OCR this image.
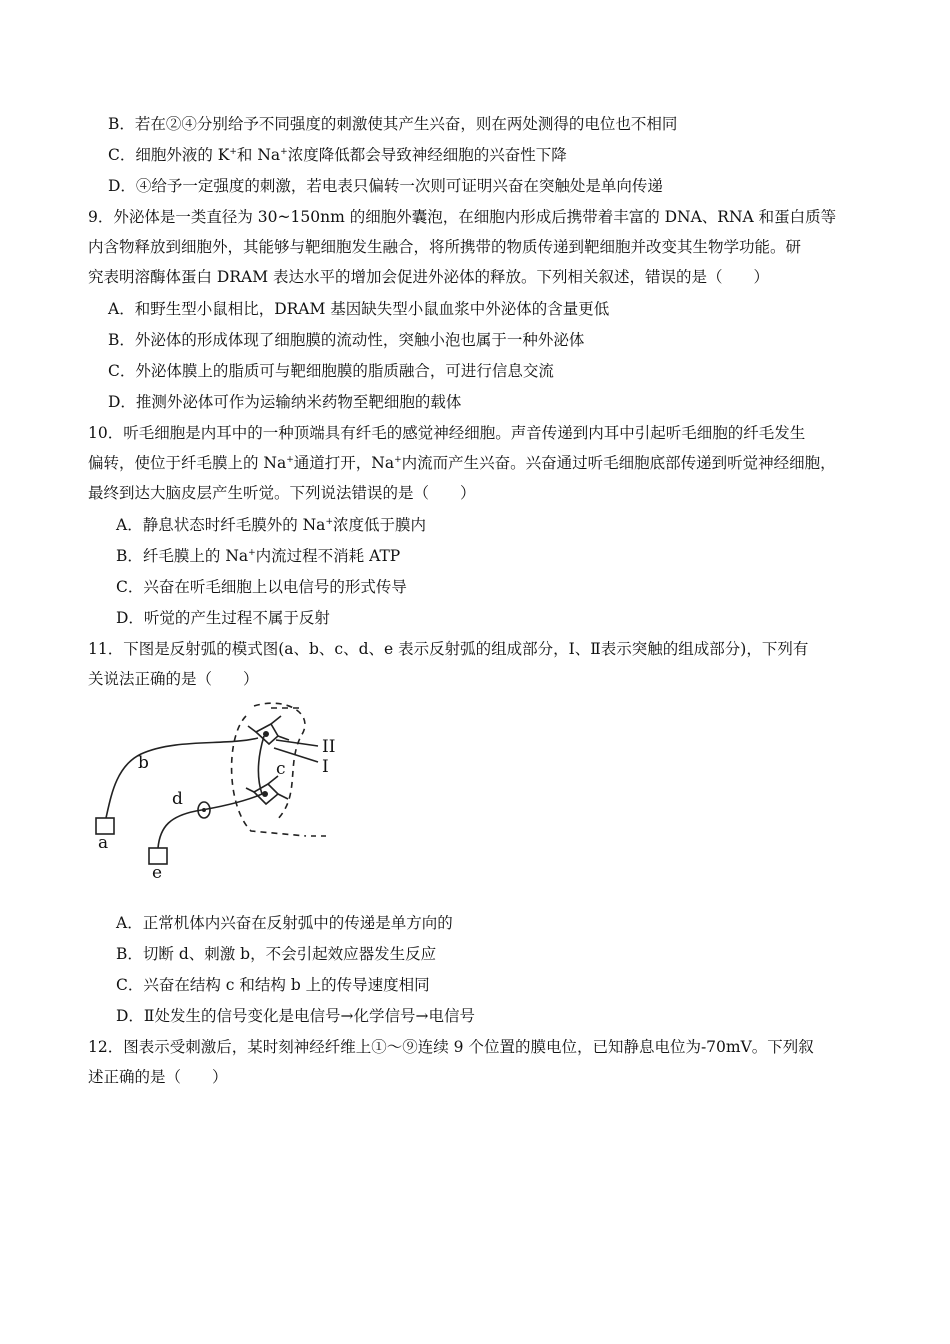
B．若在②④分别给予不同强度的刺激使其产生兴奋，则在两处测得的电位也不相同
C．细胞外液的 K+和 Na+浓度降低都会导致神经细胞的兴奋性下降
D．④给予一定强度的刺激，若电表只偏转一次则可证明兴奋在突触处是单向传递
9．外泌体是一类直径为 30~150nm 的细胞外囊泡，在细胞内形成后携带着丰富的 DNA、RNA 和蛋白质等
内含物释放到细胞外，其能够与靶细胞发生融合，将所携带的物质传递到靶细胞并改变其生物学功能。研
究表明溶酶体蛋白 DRAM 表达水平的增加会促进外泌体的释放。下列相关叙述，错误的是（　　）
A．和野生型小鼠相比，DRAM 基因缺失型小鼠血浆中外泌体的含量更低
B．外泌体的形成体现了细胞膜的流动性，突触小泡也属于一种外泌体
C．外泌体膜上的脂质可与靶细胞膜的脂质融合，可进行信息交流
D．推测外泌体可作为运输纳米药物至靶细胞的载体
10．听毛细胞是内耳中的一种顶端具有纤毛的感觉神经细胞。声音传递到内耳中引起听毛细胞的纤毛发生
偏转，使位于纤毛膜上的 Na+通道打开，Na+内流而产生兴奋。兴奋通过听毛细胞底部传递到听觉神经细胞，
最终到达大脑皮层产生听觉。下列说法错误的是（　　）
A．静息状态时纤毛膜外的 Na+浓度低于膜内
B．纤毛膜上的 Na+内流过程不消耗 ATP
C．兴奋在听毛细胞上以电信号的形式传导
D．听觉的产生过程不属于反射
11．下图是反射弧的模式图(a、b、c、d、e 表示反射弧的组成部分，Ⅰ、Ⅱ表示突触的组成部分)，下列有
关说法正确的是（　　）
a
b	c
d
e
II
I
A．正常机体内兴奋在反射弧中的传递是单方向的
B．切断 d、刺激 b，不会引起效应器发生反应
C．兴奋在结构 c 和结构 b 上的传导速度相同
D．Ⅱ处发生的信号变化是电信号→化学信号→电信号
12．图表示受刺激后，某时刻神经纤维上①～⑨连续 9 个位置的膜电位，已知静息电位为-70mV。下列叙
述正确的是（　　）
